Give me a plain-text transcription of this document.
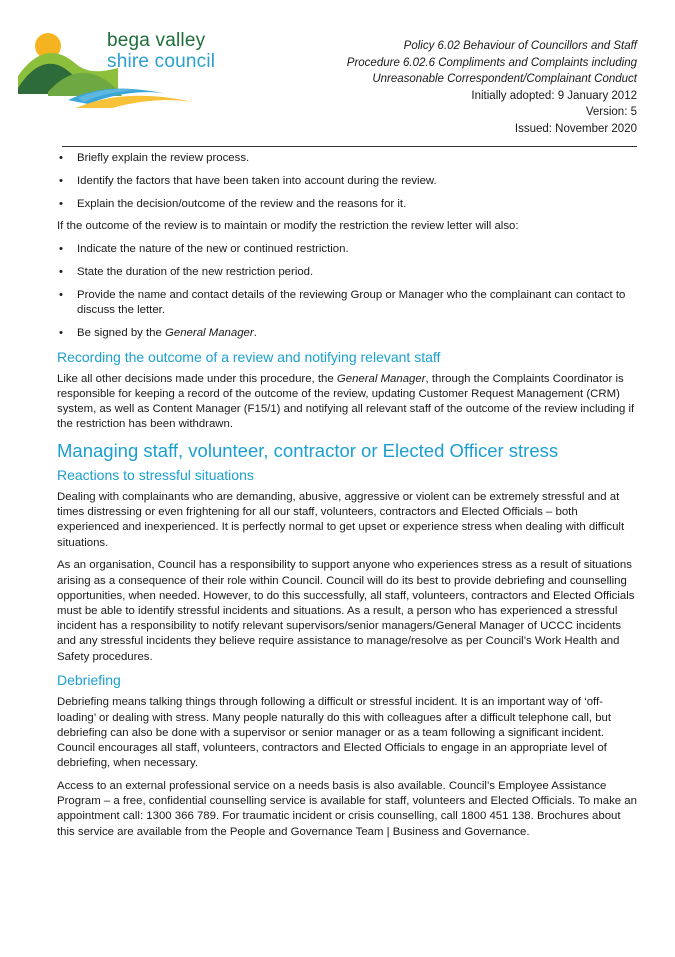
bega valley
shire council
Policy 6.02 Behaviour of Councillors and Staff
Procedure 6.02.6 Compliments and Complaints including
Unreasonable Correspondent/Complainant Conduct
Initially adopted: 9 January 2012
Version: 5
Issued: November 2020
• Briefly explain the review process.
• Identify the factors that have been taken into account during the review.
• Explain the decision/outcome of the review and the reasons for it.

If the outcome of the review is to maintain or modify the restriction the review letter will also:

• Indicate the nature of the new or continued restriction.
• State the duration of the new restriction period.
• Provide the name and contact details of the reviewing Group or Manager who the complainant can contact to discuss the letter.
• Be signed by the General Manager.
Recording the outcome of a review and notifying relevant staff

Like all other decisions made under this procedure, the General Manager, through the Complaints Coordinator is responsible for keeping a record of the outcome of the review, updating Customer Request Management (CRM) system, as well as Content Manager (F15/1) and notifying all relevant staff of the outcome of the review including if the restriction has been withdrawn.

Managing staff, volunteer, contractor or Elected Officer stress
Reactions to stressful situations

Dealing with complainants who are demanding, abusive, aggressive or violent can be extremely stressful and at times distressing or even frightening for all our staff, volunteers, contractors and Elected Officials – both experienced and inexperienced. It is perfectly normal to get upset or experience stress when dealing with difficult situations.

As an organisation, Council has a responsibility to support anyone who experiences stress as a result of situations arising as a consequence of their role within Council. Council will do its best to provide debriefing and counselling opportunities, when needed. However, to do this successfully, all staff, volunteers, contractors and Elected Officials must be able to identify stressful incidents and situations. As a result, a person who has experienced a stressful incident has a responsibility to notify relevant supervisors/senior managers/General Manager of UCCC incidents and any stressful incidents they believe require assistance to manage/resolve as per Council’s Work Health and Safety procedures.

Debriefing

Debriefing means talking things through following a difficult or stressful incident. It is an important way of ‘off-loading’ or dealing with stress. Many people naturally do this with colleagues after a difficult telephone call, but debriefing can also be done with a supervisor or senior manager or as a team following a significant incident. Council encourages all staff, volunteers, contractors and Elected Officials to engage in an appropriate level of debriefing, when necessary.

Access to an external professional service on a needs basis is also available. Council’s Employee Assistance Program – a free, confidential counselling service is available for staff, volunteers and Elected Officials. To make an appointment call: 1300 366 789. For traumatic incident or crisis counselling, call 1800 451 138. Brochures about this service are available from the People and Governance Team | Business and Governance.
